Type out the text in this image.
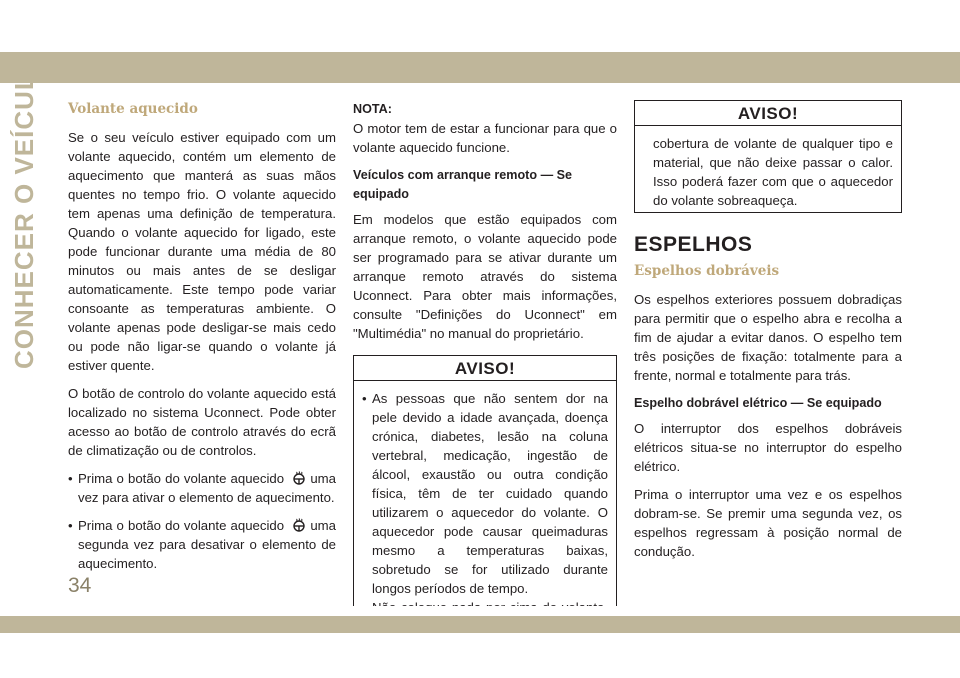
CONHECER O VEÍCULO Volante aquecido

Se o seu veículo estiver equipado com um volante aquecido, contém um elemento de aquecimento que manterá as suas mãos quentes no tempo frio. O volante aquecido tem apenas uma definição de temperatura. Quando o volante aquecido for ligado, este pode funcionar durante uma média de 80 minutos ou mais antes de se desligar automaticamente. Este tempo pode variar consoante as temperaturas ambiente. O volante apenas pode desligar-se mais cedo ou pode não ligar-se quando o volante já estiver quente.

O botão de controlo do volante aquecido está localizado no sistema Uconnect. Pode obter acesso ao botão de controlo através do ecrã de climatização ou de controlos.

• Prima o botão do volante aquecido uma vez para ativar o elemento de aquecimento.
• Prima o botão do volante aquecido uma segunda vez para desativar o elemento de aquecimento.
NOTA:

O motor tem de estar a funcionar para que o volante aquecido funcione.

Veículos com arranque remoto — Se equipado

Em modelos que estão equipados com arranque remoto, o volante aquecido pode ser programado para se ativar durante um arranque remoto através do sistema Uconnect. Para obter mais informações, consulte "Definições do Uconnect" em "Multimédia" no manual do proprietário.

AVISO!
• As pessoas que não sentem dor na pele devido a idade avançada, doença crónica, diabetes, lesão na coluna vertebral, medicação, ingestão de álcool, exaustão ou outra condição física, têm de ter cuidado quando utilizarem o aquecedor do volante. O aquecedor pode causar queimaduras mesmo a temperaturas baixas, sobretudo se for utilizado durante longos períodos de tempo.
AVISO!

cobertura de volante de qualquer tipo e material, que não deixe passar o calor. Isso poderá fazer com que o aquecedor do volante sobreaqueça.

ESPELHOS
Espelhos dobráveis

Os espelhos exteriores possuem dobradiças para permitir que o espelho abra e recolha a fim de ajudar a evitar danos. O espelho tem três posições de fixação: totalmente para a frente, normal e totalmente para trás.

Espelho dobrável elétrico — Se equipado

O interruptor dos espelhos dobráveis elétricos situa-se no interruptor do espelho elétrico.

Prima o interruptor uma vez e os espelhos dobram-se. Se premir uma segunda vez, os espelhos regressam à posição normal de condução.

34
